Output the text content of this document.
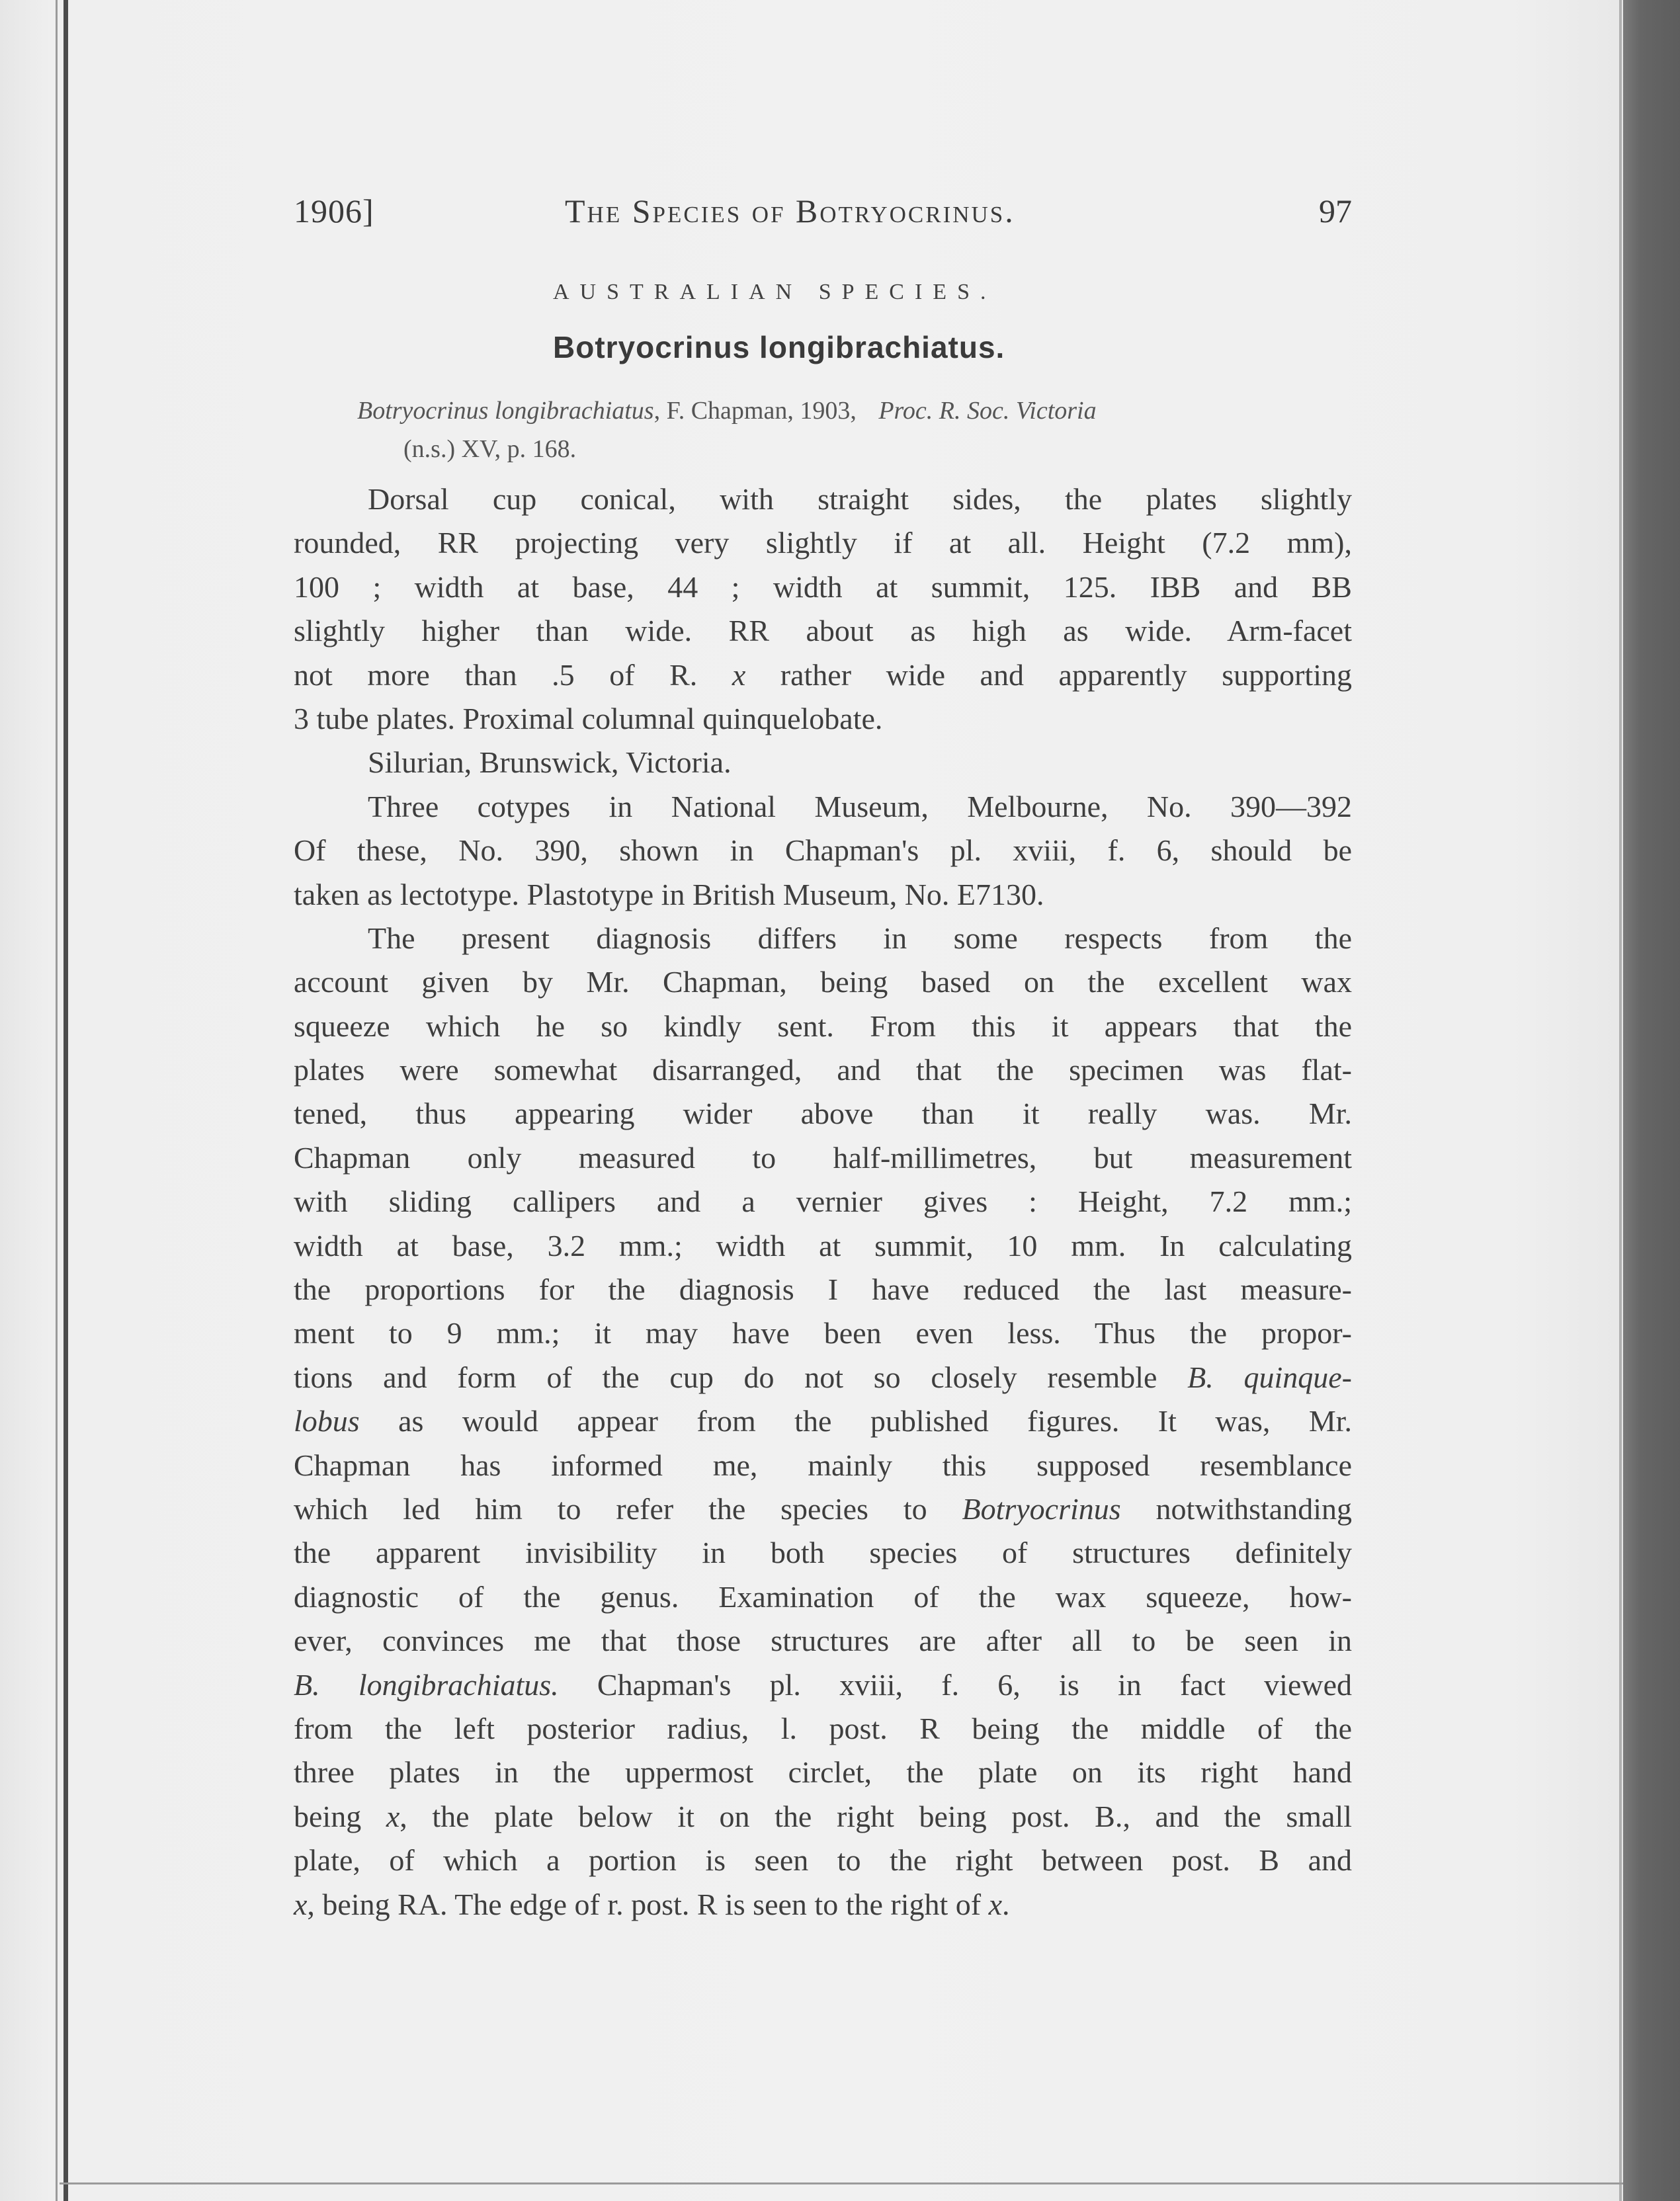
1906]	The Species of Botryocrinus.	97
AUSTRALIAN SPECIES.
Botryocrinus longibrachiatus.
Botryocrinus longibrachiatus, F. Chapman, 1903, Proc. R. Soc. Victoria
(n.s.) XV, p. 168.
Dorsal cup conical, with straight sides, the plates slightly
rounded, RR projecting very slightly if at all. Height (7.2 mm),
100 ; width at base, 44 ; width at summit, 125. IBB and BB
slightly higher than wide. RR about as high as wide. Arm-facet
not more than .5 of R. x rather wide and apparently supporting
3 tube plates. Proximal columnal quinquelobate.
Silurian, Brunswick, Victoria.
Three cotypes in National Museum, Melbourne, No. 390—392
Of these, No. 390, shown in Chapman's pl. xviii, f. 6, should be
taken as lectotype. Plastotype in British Museum, No. E7130.
The present diagnosis differs in some respects from the
account given by Mr. Chapman, being based on the excellent wax
squeeze which he so kindly sent. From this it appears that the
plates were somewhat disarranged, and that the specimen was flat-
tened, thus appearing wider above than it really was. Mr.
Chapman only measured to half-millimetres, but measurement
with sliding callipers and a vernier gives : Height, 7.2 mm.;
width at base, 3.2 mm.; width at summit, 10 mm. In calculating
the proportions for the diagnosis I have reduced the last measure-
ment to 9 mm.; it may have been even less. Thus the propor-
tions and form of the cup do not so closely resemble B. quinque-
lobus as would appear from the published figures. It was, Mr.
Chapman has informed me, mainly this supposed resemblance
which led him to refer the species to Botryocrinus notwithstanding
the apparent invisibility in both species of structures definitely
diagnostic of the genus. Examination of the wax squeeze, how-
ever, convinces me that those structures are after all to be seen in
B. longibrachiatus. Chapman's pl. xviii, f. 6, is in fact viewed
from the left posterior radius, l. post. R being the middle of the
three plates in the uppermost circlet, the plate on its right hand
being x, the plate below it on the right being post. B., and the small
plate, of which a portion is seen to the right between post. B and
x, being RA. The edge of r. post. R is seen to the right of x.
